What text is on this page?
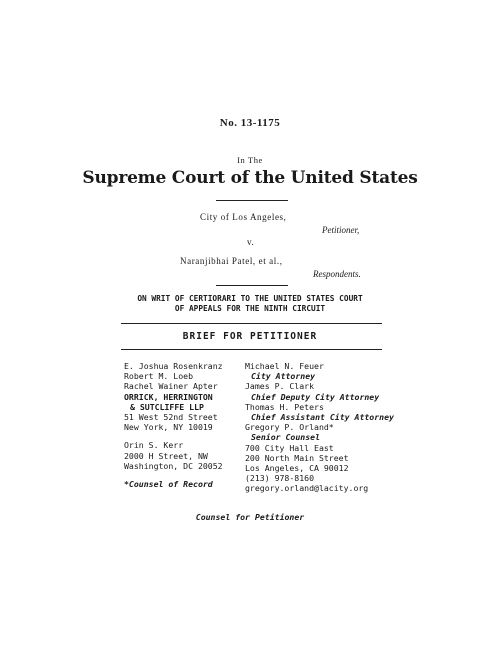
No. 13-1175
In The
Supreme Court of the United States
City of Los Angeles,
Petitioner,
v.
Naranjibhai Patel, et al.,
Respondents.
ON WRIT OF CERTIORARI TO THE UNITED STATES COURT
OF APPEALS FOR THE NINTH CIRCUIT
BRIEF FOR PETITIONER
E. Joshua Rosenkranz
Robert M. Loeb
Rachel Wainer Apter
ORRICK, HERRINGTON
& SUTCLIFFE LLP
51 West 52nd Street
New York, NY 10019
Orin S. Kerr
2000 H Street, NW
Washington, DC 20052
*Counsel of Record
Michael N. Feuer
City Attorney
James P. Clark
Chief Deputy City Attorney
Thomas H. Peters
Chief Assistant City Attorney
Gregory P. Orland*
Senior Counsel
700 City Hall East
200 North Main Street
Los Angeles, CA 90012
(213) 978-8160
gregory.orland@lacity.org
Counsel for Petitioner
